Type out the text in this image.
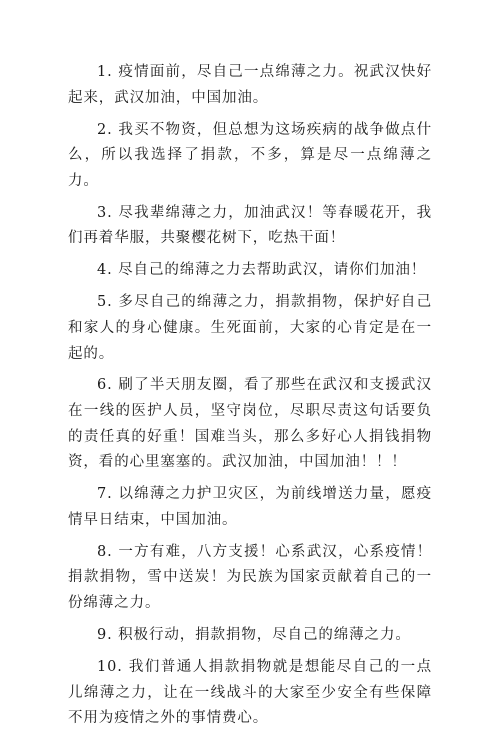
1. 疫情面前，尽自己一点绵薄之力。祝武汉快好起来，武汉加油，中国加油。

2. 我买不物资，但总想为这场疾病的战争做点什么，所以我选择了捐款，不多，算是尽一点绵薄之力。

3. 尽我辈绵薄之力，加油武汉！等春暖花开，我们再着华服，共聚樱花树下，吃热干面！

4. 尽自己的绵薄之力去帮助武汉，请你们加油！

5. 多尽自己的绵薄之力，捐款捐物，保护好自己和家人的身心健康。生死面前，大家的心肯定是在一起的。

6. 刷了半天朋友圈，看了那些在武汉和支援武汉在一线的医护人员，坚守岗位，尽职尽责这句话要负的责任真的好重！国难当头，那么多好心人捐钱捐物资，看的心里塞塞的。武汉加油，中国加油！！！

7. 以绵薄之力护卫灾区，为前线增送力量，愿疫情早日结束，中国加油。

8. 一方有难，八方支援！心系武汉，心系疫情！捐款捐物，雪中送炭！为民族为国家贡献着自己的一份绵薄之力。

9. 积极行动，捐款捐物，尽自己的绵薄之力。

10. 我们普通人捐款捐物就是想能尽自己的一点儿绵薄之力，让在一线战斗的大家至少安全有些保障不用为疫情之外的事情费心。
